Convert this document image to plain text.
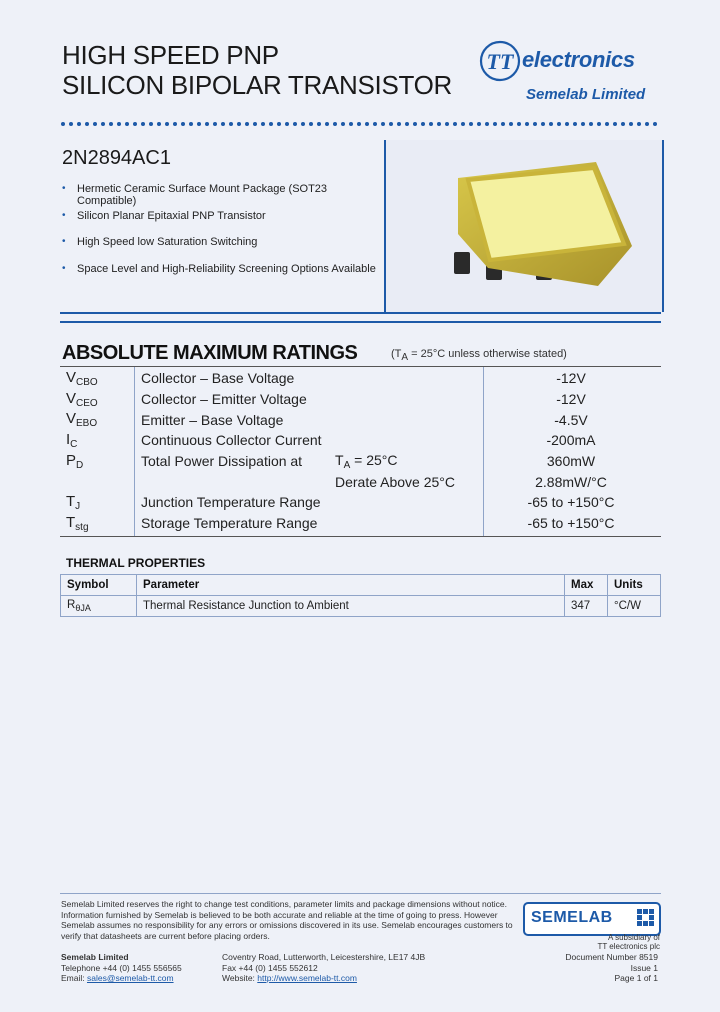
HIGH SPEED PNP
SILICON BIPOLAR TRANSISTOR
TT electronics
Semelab Limited
2N2894AC1
• Hermetic Ceramic Surface Mount Package (SOT23 Compatible)
• Silicon Planar Epitaxial PNP Transistor
• High Speed low Saturation Switching
• Space Level and High-Reliability Screening Options Available
ABSOLUTE MAXIMUM RATINGS	(TA = 25°C unless otherwise stated)
$V_{CBO}$	Collector – Base Voltage		-12V
$V_{CEO}$	Collector – Emitter Voltage		-12V
$V_{EBO}$	Emitter – Base Voltage		-4.5V
$I_C$	Continuous Collector Current		-200mA
$P_D$	Total Power Dissipation at	$T_A = 25^\circ C$	360mW
		Derate Above 25°C	2.88mW/°C
$T_J$	Junction Temperature Range		-65 to +150°C
$T_{stg}$	Storage Temperature Range		-65 to +150°C
THERMAL PROPERTIES
Symbol	Parameter	Max	Units
$R_{\theta JA}$	Thermal Resistance Junction to Ambient	347	°C/W
Semelab Limited reserves the right to change test conditions, parameter limits and package dimensions without notice.
Information furnished by Semelab is believed to be both accurate and reliable at the time of going to press. However
Semelab assumes no responsibility for any errors or omissions discovered in its use. Semelab encourages customers to
verify that datasheets are current before placing orders.
SEMELAB
A subsidiary of
TT electronics plc
Semelab Limited
Telephone +44 (0) 1455 556565
Email: sales@semelab-tt.com
Coventry Road, Lutterworth, Leicestershire, LE17 4JB
Fax +44 (0) 1455 552612
Website: http://www.semelab-tt.com
Document Number 8519
Issue 1
Page 1 of 1
